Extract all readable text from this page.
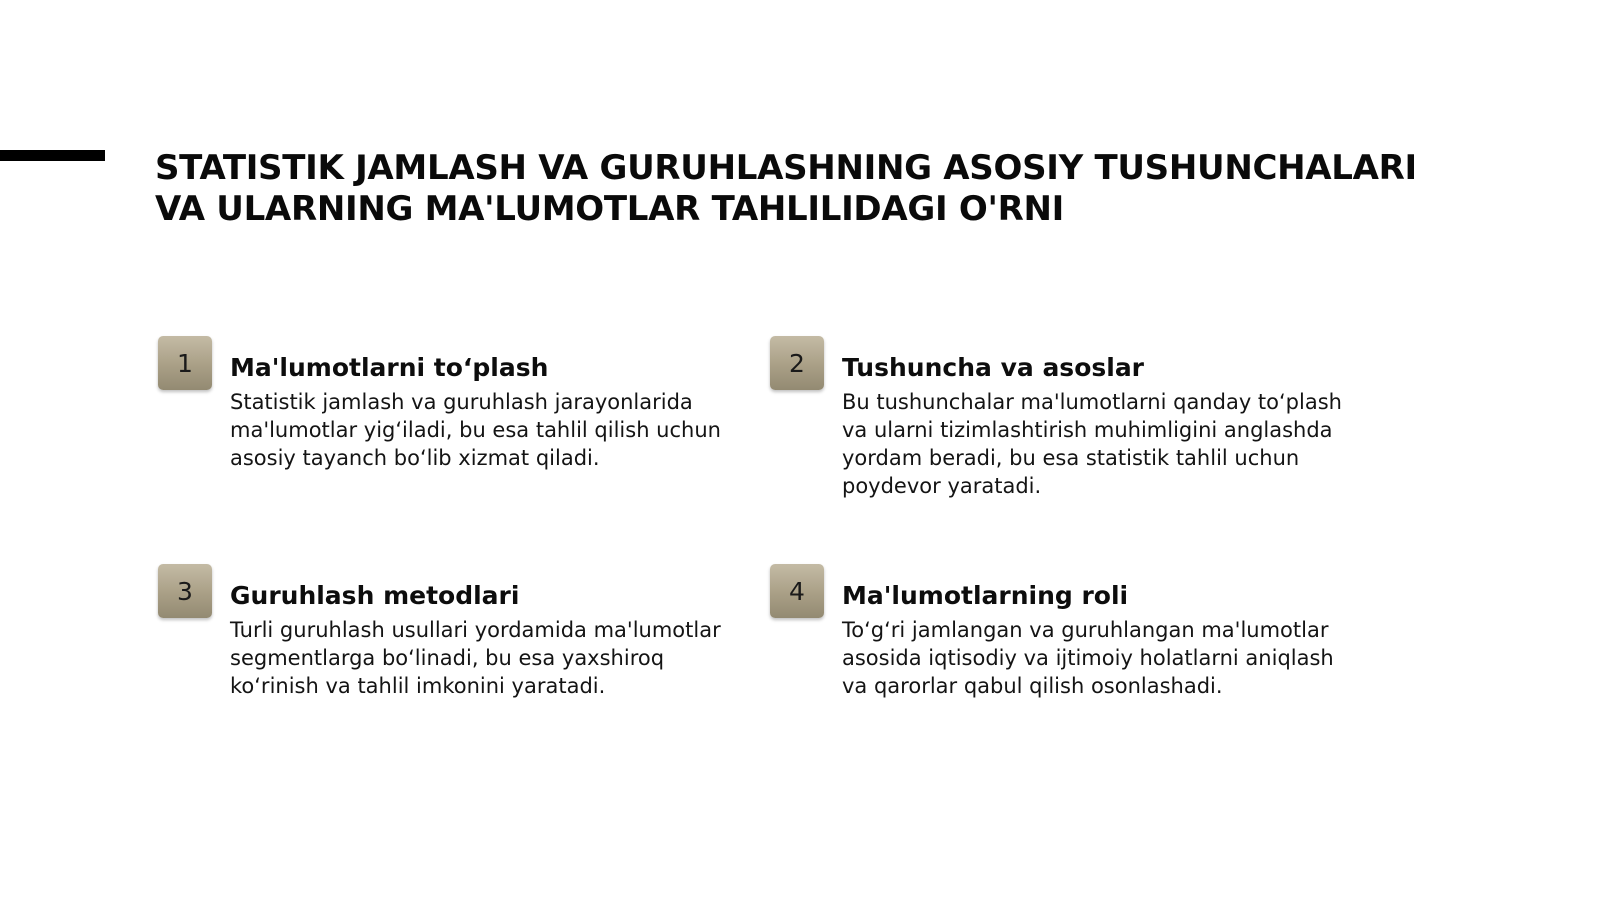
STATISTIK JAMLASH VA GURUHLASHNING ASOSIY TUSHUNCHALARI VA ULARNING MA'LUMOTLAR TAHLILIDAGI O'RNI
1	Ma'lumotlarni to‘plash

Statistik jamlash va guruhlash jarayonlarida ma'lumotlar yig‘iladi, bu esa tahlil qilish uchun asosiy tayanch bo‘lib xizmat qiladi.

2	Tushuncha va asoslar

Bu tushunchalar ma'lumotlarni qanday to‘plash va ularni tizimlashtirish muhimligini anglashda yordam beradi, bu esa statistik tahlil uchun poydevor yaratadi.

3	Guruhlash metodlari

Turli guruhlash usullari yordamida ma'lumotlar segmentlarga bo‘linadi, bu esa yaxshiroq ko‘rinish va tahlil imkonini yaratadi.

4	Ma'lumotlarning roli

To‘g‘ri jamlangan va guruhlangan ma'lumotlar asosida iqtisodiy va ijtimoiy holatlarni aniqlash va qarorlar qabul qilish osonlashadi.
